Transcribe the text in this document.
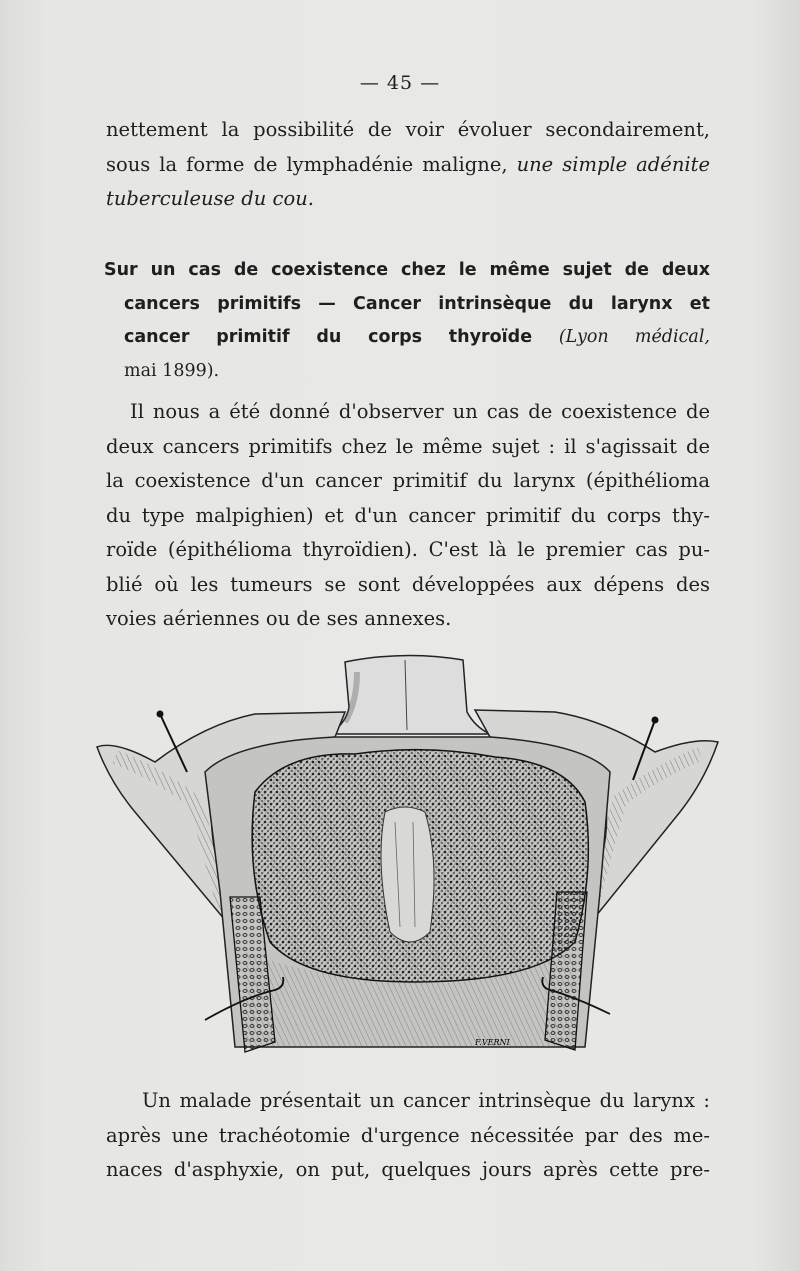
— 45 —

nettement la possibilité de voir évoluer secondairement,
sous la forme de lymphadénie maligne, une simple adénite
tuberculeuse du cou.

Sur un cas de coexistence chez le même sujet de deux
cancers primitifs — Cancer intrinsèque du larynx et
cancer primitif du corps thyroïde (Lyon médical,
mai 1899).

Il nous a été donné d'observer un cas de coexistence de
deux cancers primitifs chez le même sujet : il s'agissait de
la coexistence d'un cancer primitif du larynx (épithélioma
du type malpighien) et d'un cancer primitif du corps thy-
roïde (épithélioma thyroïdien). C'est là le premier cas pu-
blié où les tumeurs se sont développées aux dépens des
voies aériennes ou de ses annexes.

F.VERNI

Un malade présentait un cancer intrinsèque du larynx :
après une trachéotomie d'urgence nécessitée par des me-
naces d'asphyxie, on put, quelques jours après cette pre-
